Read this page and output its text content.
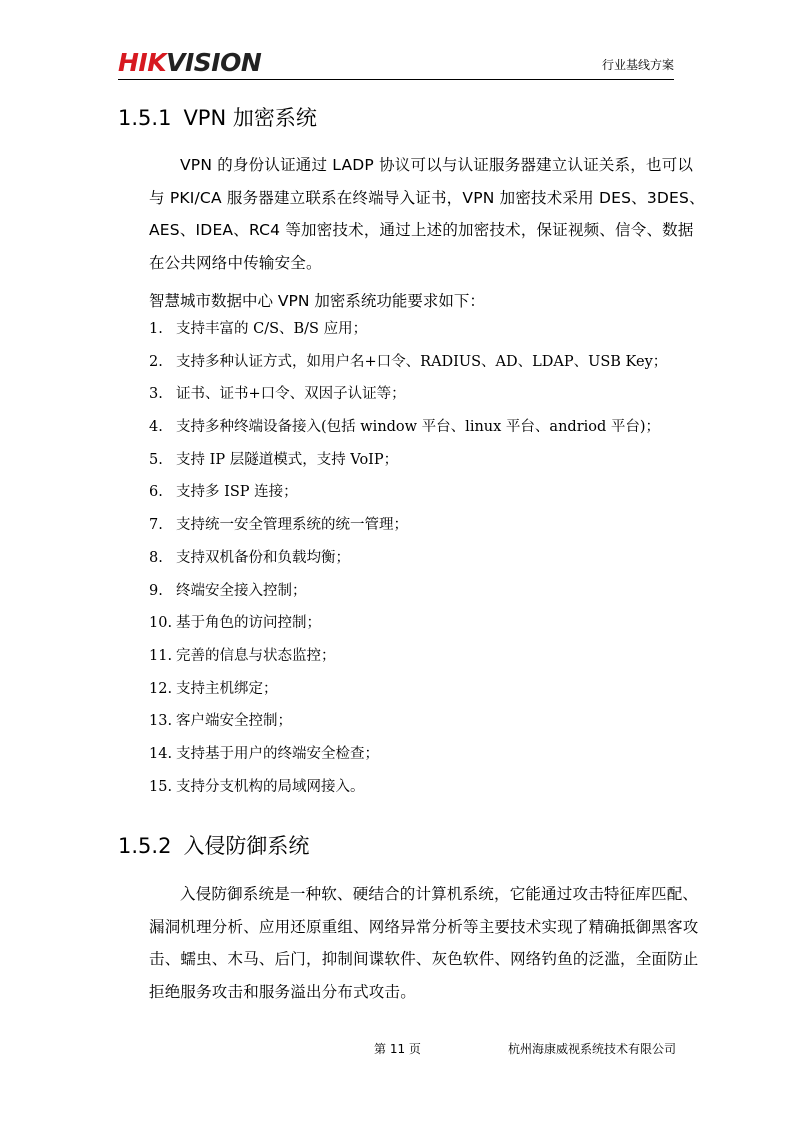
HIKVISION	行业基线方案
1.5.1 VPN 加密系统
VPN 的身份认证通过 LADP 协议可以与认证服务器建立认证关系，也可以
与 PKI/CA 服务器建立联系在终端导入证书，VPN 加密技术采用 DES、3DES、
AES、IDEA、RC4 等加密技术，通过上述的加密技术，保证视频、信令、数据
在公共网络中传输安全。
智慧城市数据中心 VPN 加密系统功能要求如下：
1. 支持丰富的 C/S、B/S 应用；
2. 支持多种认证方式，如用户名+口令、RADIUS、AD、LDAP、USB Key；
3. 证书、证书+口令、双因子认证等；
4. 支持多种终端设备接入(包括 window 平台、linux 平台、andriod 平台)；
5. 支持 IP 层隧道模式，支持 VoIP；
6. 支持多 ISP 连接；
7. 支持统一安全管理系统的统一管理；
8. 支持双机备份和负载均衡；
9. 终端安全接入控制；
10. 基于角色的访问控制；
11. 完善的信息与状态监控；
12. 支持主机绑定；
13. 客户端安全控制；
14. 支持基于用户的终端安全检查；
15. 支持分支机构的局域网接入。
1.5.2 入侵防御系统
入侵防御系统是一种软、硬结合的计算机系统，它能通过攻击特征库匹配、
漏洞机理分析、应用还原重组、网络异常分析等主要技术实现了精确抵御黑客攻
击、蠕虫、木马、后门，抑制间谍软件、灰色软件、网络钓鱼的泛滥，全面防止
拒绝服务攻击和服务溢出分布式攻击。
第 11 页	杭州海康威视系统技术有限公司
